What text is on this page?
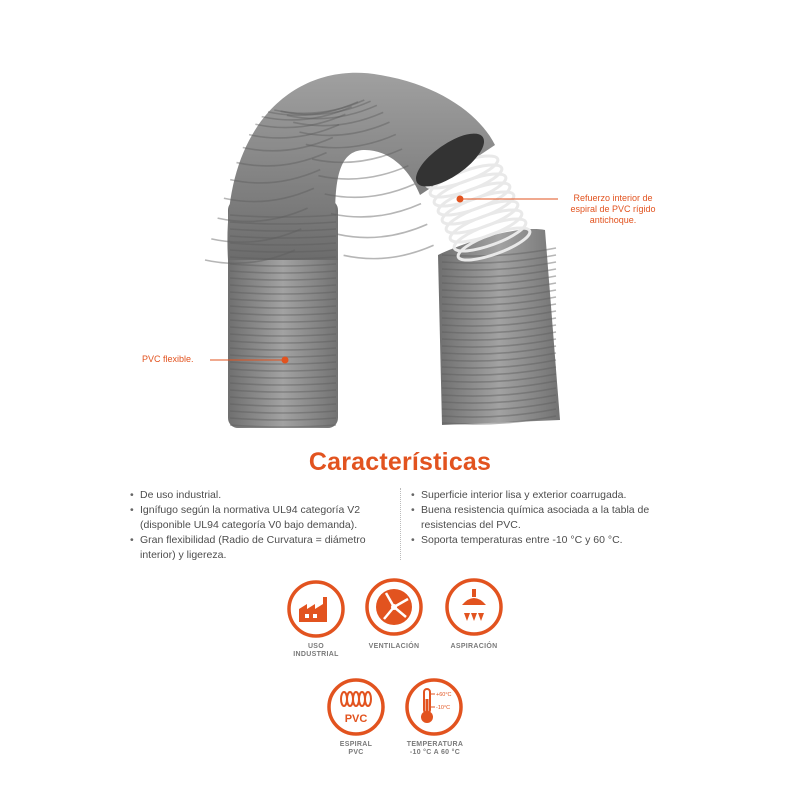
Refuerzo interior de espiral de PVC rígido antichoque.
PVC flexible.
Características
• De uso industrial.
• Ignífugo según la normativa UL94 categoría V2 (disponible UL94 categoría V0 bajo demanda).
• Gran flexibilidad (Radio de Curvatura = diámetro interior) y ligereza.
• Superficie interior lisa y exterior coarrugada.
• Buena resistencia química asociada a la tabla de resistencias del PVC.
• Soporta temperaturas entre -10 °C y 60 °C.
USO
INDUSTRIAL
VENTILACIÓN	ASPIRACIÓN
PVC
ESPIRAL
PVC
+60°C
-10°C
TEMPERATURA
-10 °C A 60 °C
